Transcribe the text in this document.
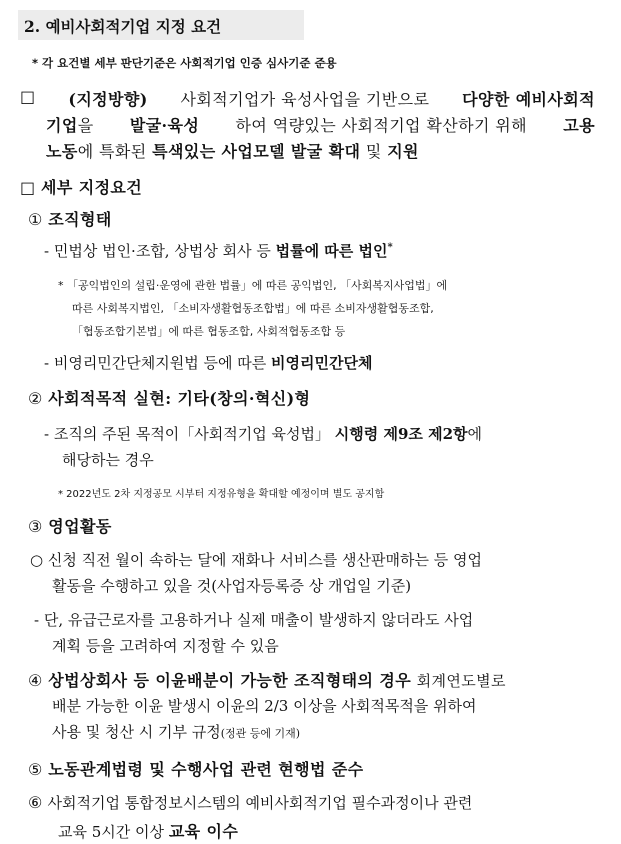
2. 예비사회적기업 지정 요건
* 각 요건별 세부 판단기준은 사회적기업 인증 심사기준 준용
□ (지정방향) 사회적기업가 육성사업을 기반으로 다양한 예비사회적
기업을 발굴·육성 하여 역량있는 사회적기업 확산하기 위해 고용
노동에 특화된 특색있는 사업모델 발굴 확대 및 지원
□ 세부 지정요건
① 조직형태
- 민법상 법인·조합, 상법상 회사 등 법률에 따른 법인*
* 「공익법인의 설립·운영에 관한 법률」에 따른 공익법인, 「사회복지사업법」에
따른 사회복지법인, 「소비자생활협동조합법」에 따른 소비자생활협동조합,
「협동조합기본법」에 따른 협동조합, 사회적협동조합 등
- 비영리민간단체지원법 등에 따른 비영리민간단체
② 사회적목적 실현: 기타(창의·혁신)형
- 조직의 주된 목적이「사회적기업 육성법」 시행령 제9조 제2항에
해당하는 경우
* 2022년도 2차 지정공모 시부터 지정유형을 확대할 예정이며 별도 공지함
③ 영업활동
○ 신청 직전 월이 속하는 달에 재화나 서비스를 생산판매하는 등 영업
활동을 수행하고 있을 것(사업자등록증 상 개업일 기준)
- 단, 유급근로자를 고용하거나 실제 매출이 발생하지 않더라도 사업
계획 등을 고려하여 지정할 수 있음
④ 상법상회사 등 이윤배분이 가능한 조직형태의 경우 회계연도별로
배분 가능한 이윤 발생시 이윤의 2/3 이상을 사회적목적을 위하여
사용 및 청산 시 기부 규정(정관 등에 기재)
⑤ 노동관계법령 및 수행사업 관련 현행법 준수
⑥ 사회적기업 통합정보시스템의 예비사회적기업 필수과정이나 관련
교육 5시간 이상 교육 이수
